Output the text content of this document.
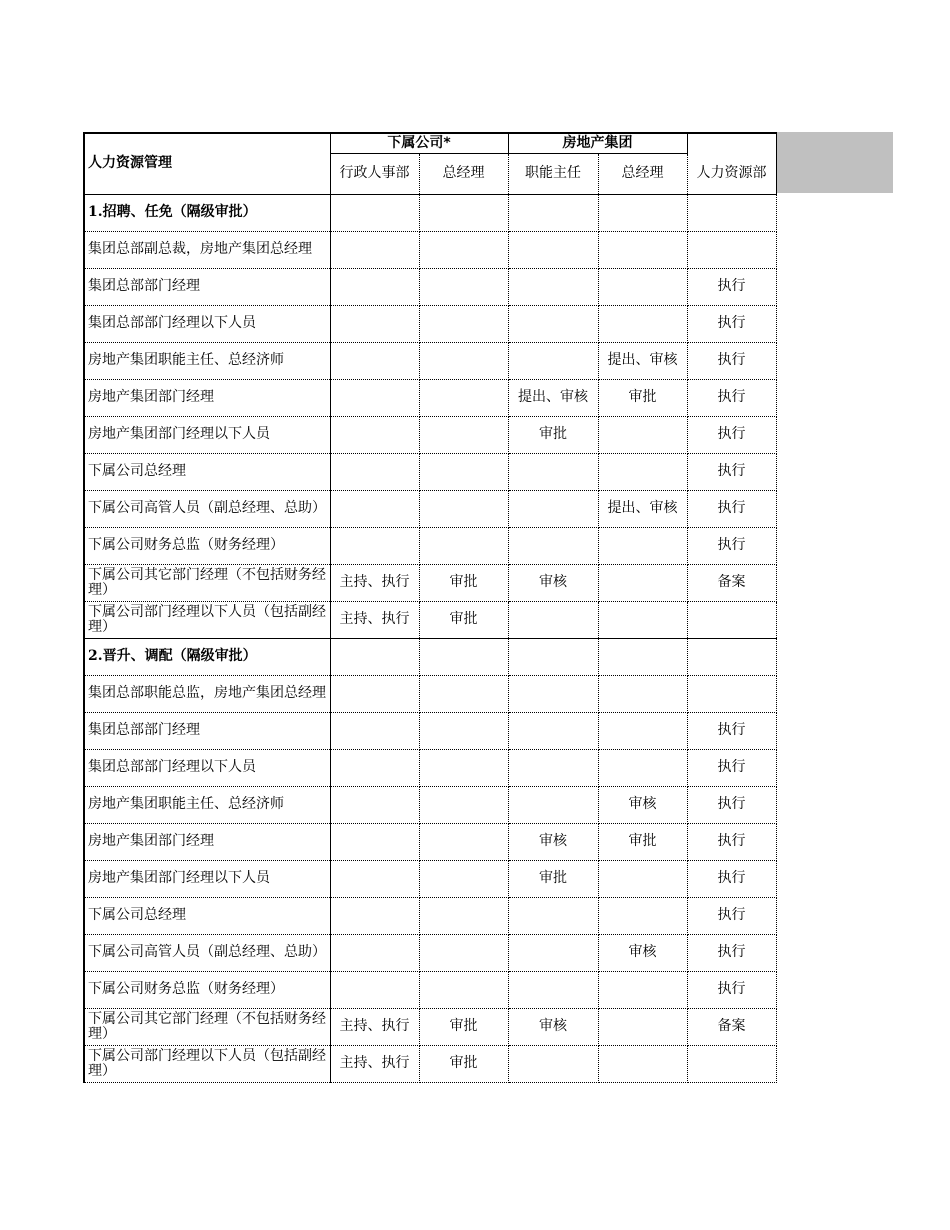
人力资源管理	下属公司*		房地产集团		
	行政人事部	总经理	职能主任	总经理	人力资源部
1.招聘、任免（隔级审批）					
集团总部副总裁，房地产集团总经理					
集团总部部门经理					执行
集团总部部门经理以下人员					执行
房地产集团职能主任、总经济师				提出、审核	执行
房地产集团部门经理			提出、审核	审批	执行
房地产集团部门经理以下人员			审批		执行
下属公司总经理					执行
下属公司高管人员（副总经理、总助）				提出、审核	执行
下属公司财务总监（财务经理）					执行
下属公司其它部门经理（不包括财务经理）	主持、执行	审批	审核		备案
下属公司部门经理以下人员（包括副经理）	主持、执行	审批			
2.晋升、调配（隔级审批）					
集团总部职能总监，房地产集团总经理					
集团总部部门经理					执行
集团总部部门经理以下人员					执行
房地产集团职能主任、总经济师				审核	执行
房地产集团部门经理			审核	审批	执行
房地产集团部门经理以下人员			审批		执行
下属公司总经理					执行
下属公司高管人员（副总经理、总助）				审核	执行
下属公司财务总监（财务经理）					执行
下属公司其它部门经理（不包括财务经理）	主持、执行	审批	审核		备案
下属公司部门经理以下人员（包括副经理）	主持、执行	审批			
